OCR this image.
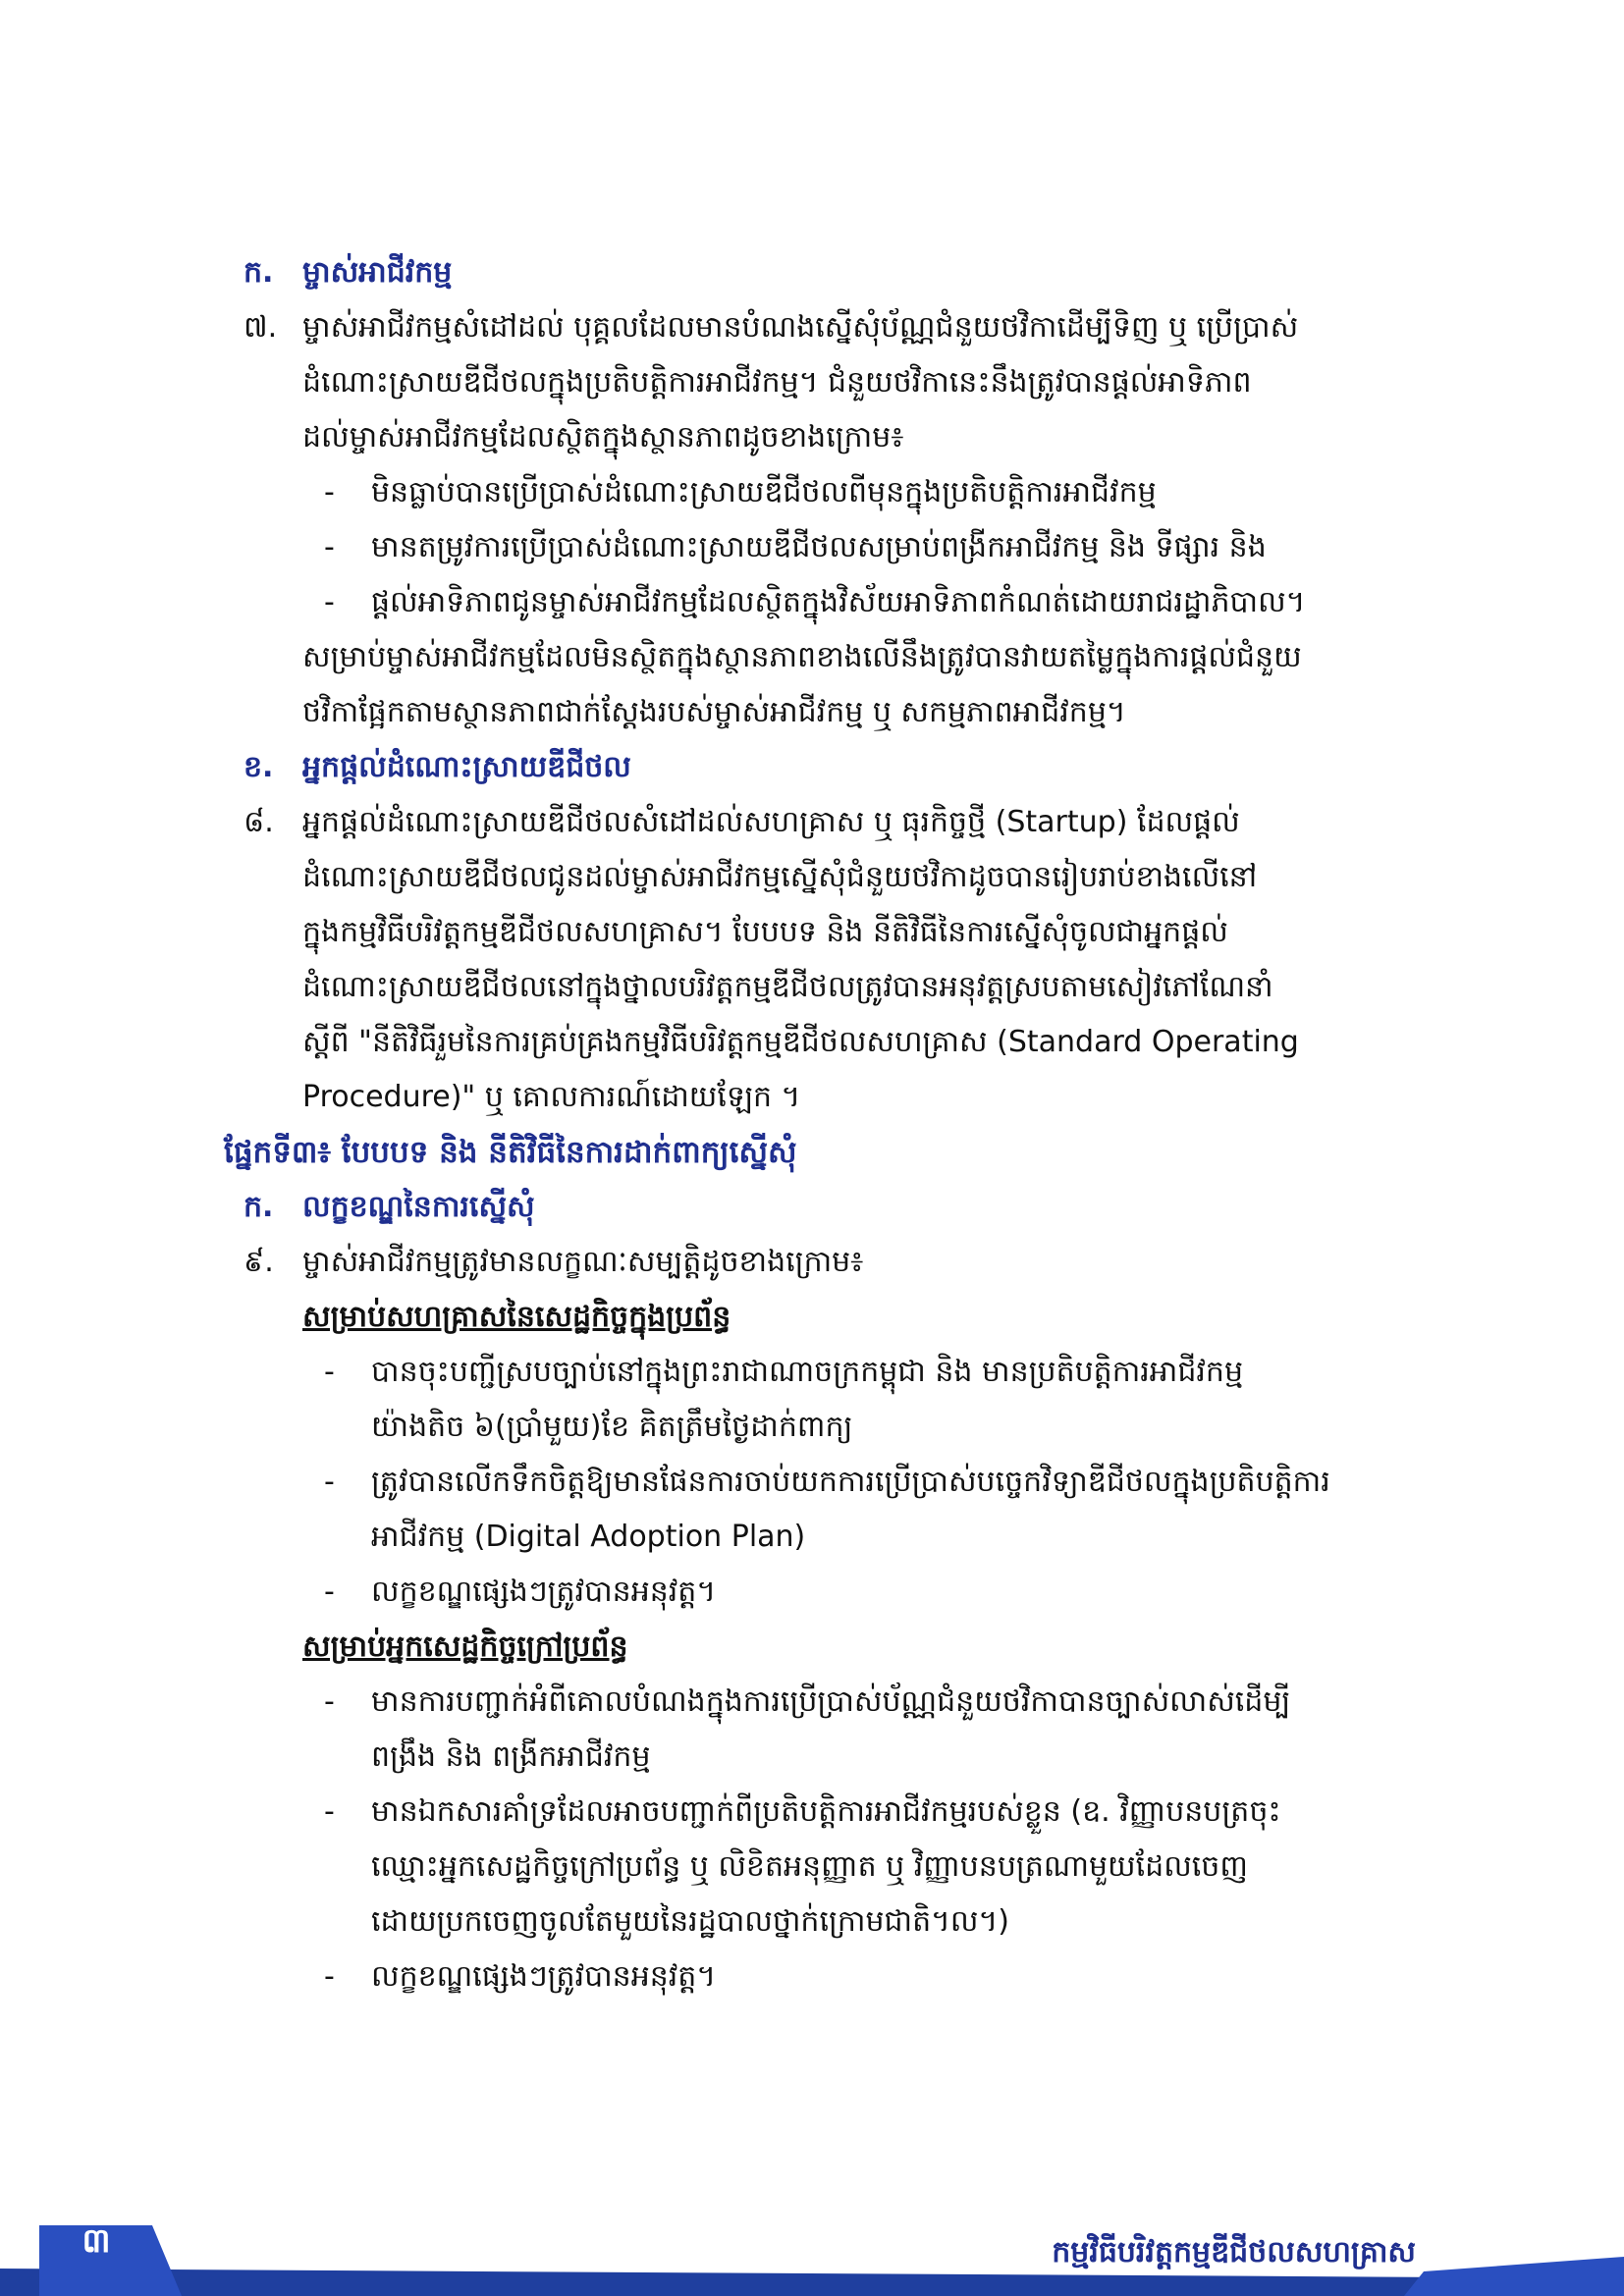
ក. ម្ចាស់អាជីវកម្ម
៧. ម្ចាស់អាជីវកម្មសំដៅដល់ បុគ្គលដែលមានបំណងស្នើសុំប័ណ្ណជំនួយថវិកាដើម្បីទិញ ឬ ប្រើប្រាស់
ដំណោះស្រាយឌីជីថលក្នុងប្រតិបត្តិការអាជីវកម្ម។ ជំនួយថវិកានេះនឹងត្រូវបានផ្តល់អាទិភាព
ដល់ម្ចាស់អាជីវកម្មដែលស្ថិតក្នុងស្ថានភាពដូចខាងក្រោម៖
-	មិនធ្លាប់បានប្រើប្រាស់ដំណោះស្រាយឌីជីថលពីមុនក្នុងប្រតិបត្តិការអាជីវកម្ម
-	មានតម្រូវការប្រើប្រាស់ដំណោះស្រាយឌីជីថលសម្រាប់ពង្រីកអាជីវកម្ម និង ទីផ្សារ និង
-	ផ្តល់អាទិភាពជូនម្ចាស់អាជីវកម្មដែលស្ថិតក្នុងវិស័យអាទិភាពកំណត់ដោយរាជរដ្ឋាភិបាល។
សម្រាប់ម្ចាស់អាជីវកម្មដែលមិនស្ថិតក្នុងស្ថានភាពខាងលើនឹងត្រូវបានវាយតម្លៃក្នុងការផ្តល់ជំនួយ
ថវិកាផ្អែកតាមស្ថានភាពជាក់ស្តែងរបស់ម្ចាស់អាជីវកម្ម ឬ សកម្មភាពអាជីវកម្ម។
ខ. អ្នកផ្តល់ដំណោះស្រាយឌីជីថល
៨. អ្នកផ្តល់ដំណោះស្រាយឌីជីថលសំដៅដល់សហគ្រាស ឬ ធុរកិច្ចថ្មី (Startup) ដែលផ្តល់
ដំណោះស្រាយឌីជីថលជូនដល់ម្ចាស់អាជីវកម្មស្នើសុំជំនួយថវិកាដូចបានរៀបរាប់ខាងលើនៅ
ក្នុងកម្មវិធីបរិវត្តកម្មឌីជីថលសហគ្រាស។ បែបបទ និង នីតិវិធីនៃការស្នើសុំចូលជាអ្នកផ្តល់
ដំណោះស្រាយឌីជីថលនៅក្នុងថ្នាលបរិវត្តកម្មឌីជីថលត្រូវបានអនុវត្តស្របតាមសៀវភៅណែនាំ
ស្តីពី "នីតិវិធីរួមនៃការគ្រប់គ្រងកម្មវិធីបរិវត្តកម្មឌីជីថលសហគ្រាស (Standard Operating
Procedure)" ឬ គោលការណ៍ដោយឡែក ។
ផ្នែកទី៣៖ បែបបទ និង នីតិវិធីនៃការដាក់ពាក្យស្នើសុំ
ក. លក្ខខណ្ឌនៃការស្នើសុំ
៩. ម្ចាស់អាជីវកម្មត្រូវមានលក្ខណៈសម្បត្តិដូចខាងក្រោម៖
សម្រាប់សហគ្រាសនៃសេដ្ឋកិច្ចក្នុងប្រព័ន្ធ
-	បានចុះបញ្ជីស្របច្បាប់នៅក្នុងព្រះរាជាណាចក្រកម្ពុជា និង មានប្រតិបត្តិការអាជីវកម្ម
យ៉ាងតិច ៦(ប្រាំមួយ)ខែ គិតត្រឹមថ្ងៃដាក់ពាក្យ
-	ត្រូវបានលើកទឹកចិត្តឱ្យមានផែនការចាប់យកការប្រើប្រាស់បច្ចេកវិទ្យាឌីជីថលក្នុងប្រតិបត្តិការ
អាជីវកម្ម (Digital Adoption Plan)
-	លក្ខខណ្ឌផ្សេងៗត្រូវបានអនុវត្ត។
សម្រាប់អ្នកសេដ្ឋកិច្ចក្រៅប្រព័ន្ធ
-	មានការបញ្ជាក់អំពីគោលបំណងក្នុងការប្រើប្រាស់ប័ណ្ណជំនួយថវិកាបានច្បាស់លាស់ដើម្បី
ពង្រឹង និង ពង្រីកអាជីវកម្ម
-	មានឯកសារគាំទ្រដែលអាចបញ្ជាក់ពីប្រតិបត្តិការអាជីវកម្មរបស់ខ្លួន (ឧ. វិញ្ញាបនបត្រចុះ
ឈ្មោះអ្នកសេដ្ឋកិច្ចក្រៅប្រព័ន្ធ ឬ លិខិតអនុញ្ញាត ឬ វិញ្ញាបនបត្រណាមួយដែលចេញ
ដោយប្រកចេញចូលតែមួយនៃរដ្ឋបាលថ្នាក់ក្រោមជាតិ។ល។)
-	លក្ខខណ្ឌផ្សេងៗត្រូវបានអនុវត្ត។
៣	កម្មវិធីបរិវត្តកម្មឌីជីថលសហគ្រាស
